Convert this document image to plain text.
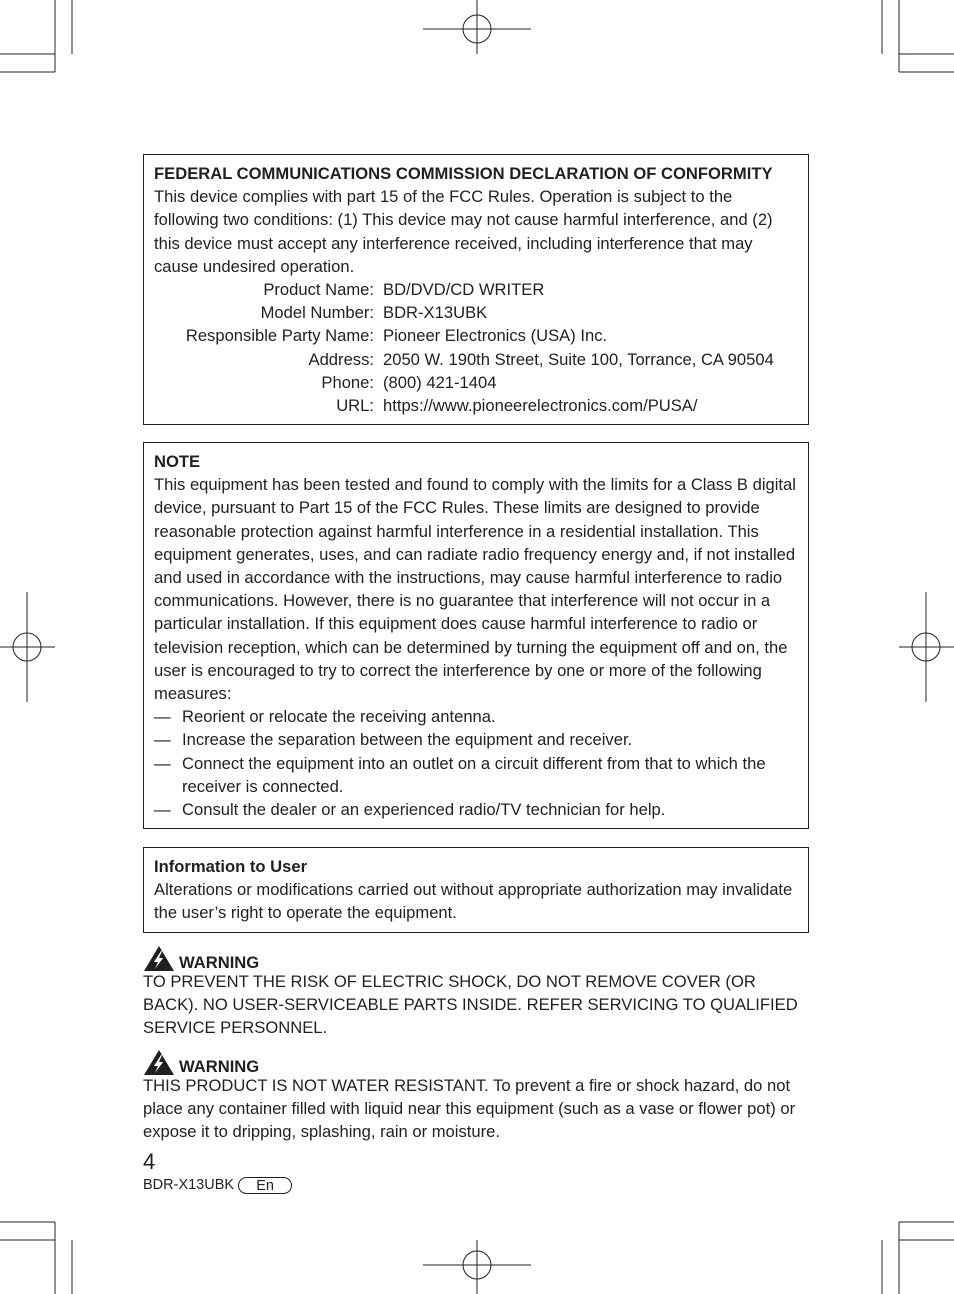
FEDERAL COMMUNICATIONS COMMISSION DECLARATION OF CONFORMITY

This device complies with part 15 of the FCC Rules. Operation is subject to the following two conditions: (1) This device may not cause harmful interference, and (2) this device must accept any interference received, including interference that may cause undesired operation.

Product Name:	BD/DVD/CD WRITER
Model Number:	BDR-X13UBK
Responsible Party Name:	Pioneer Electronics (USA) Inc.
Address:	2050 W. 190th Street, Suite 100, Torrance, CA 90504
Phone:	(800) 421-1404
URL:	https://www.pioneerelectronics.com/PUSA/
NOTE

This equipment has been tested and found to comply with the limits for a Class B digital device, pursuant to Part 15 of the FCC Rules. These limits are designed to provide reasonable protection against harmful interference in a residential installation. This equipment generates, uses, and can radiate radio frequency energy and, if not installed and used in accordance with the instructions, may cause harmful interference to radio communications. However, there is no guarantee that interference will not occur in a particular installation. If this equipment does cause harmful interference to radio or television reception, which can be determined by turning the equipment off and on, the user is encouraged to try to correct the interference by one or more of the following measures:

— Reorient or relocate the receiving antenna.
— Increase the separation between the equipment and receiver.
— Connect the equipment into an outlet on a circuit different from that to which the receiver is connected.
— Consult the dealer or an experienced radio/TV technician for help.
Information to User

Alterations or modifications carried out without appropriate authorization may invalidate the user’s right to operate the equipment.

WARNING

TO PREVENT THE RISK OF ELECTRIC SHOCK, DO NOT REMOVE COVER (OR BACK). NO USER-SERVICEABLE PARTS INSIDE. REFER SERVICING TO QUALIFIED SERVICE PERSONNEL.

WARNING

THIS PRODUCT IS NOT WATER RESISTANT. To prevent a fire or shock hazard, do not place any container filled with liquid near this equipment (such as a vase or flower pot) or expose it to dripping, splashing, rain or moisture.

4
BDR-X13UBK	En
